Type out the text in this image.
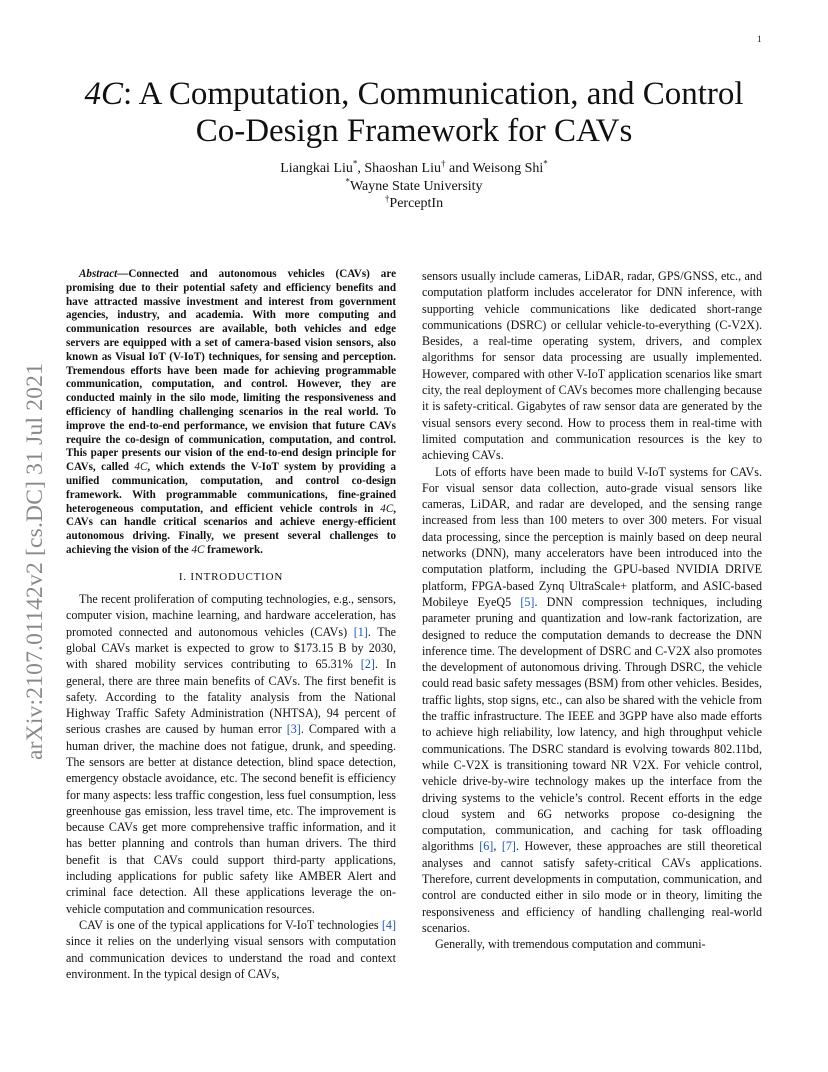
1
arXiv:2107.01142v2 [cs.DC] 31 Jul 2021
4C: A Computation, Communication, and Control
Co-Design Framework for CAVs
Liangkai Liu*, Shaoshan Liu† and Weisong Shi*
*Wayne State University
†PerceptIn

Abstract—Connected and autonomous vehicles (CAVs) are promising due to their potential safety and efficiency benefits and have attracted massive investment and interest from government agencies, industry, and academia. With more computing and communication resources are available, both vehicles and edge servers are equipped with a set of camera-based vision sensors, also known as Visual IoT (V-IoT) techniques, for sensing and perception. Tremendous efforts have been made for achieving programmable communication, computation, and control. However, they are conducted mainly in the silo mode, limiting the responsiveness and efficiency of handling challenging scenarios in the real world. To improve the end-to-end performance, we envision that future CAVs require the co-design of communication, computation, and control. This paper presents our vision of the end-to-end design principle for CAVs, called 4C, which extends the V-IoT system by providing a unified communication, computation, and control co-design framework. With programmable communications, fine-grained heterogeneous computation, and efficient vehicle controls in 4C, CAVs can handle critical scenarios and achieve energy-efficient autonomous driving. Finally, we present several challenges to achieving the vision of the 4C framework.

I. INTRODUCTION

The recent proliferation of computing technologies, e.g., sensors, computer vision, machine learning, and hardware acceleration, has promoted connected and autonomous vehicles (CAVs) [1]. The global CAVs market is expected to grow to $173.15 B by 2030, with shared mobility services contributing to 65.31% [2]. In general, there are three main benefits of CAVs. The first benefit is safety. According to the fatality analysis from the National Highway Traffic Safety Administration (NHTSA), 94 percent of serious crashes are caused by human error [3]. Compared with a human driver, the machine does not fatigue, drunk, and speeding. The sensors are better at distance detection, blind space detection, emergency obstacle avoidance, etc. The second benefit is efficiency for many aspects: less traffic congestion, less fuel consumption, less greenhouse gas emission, less travel time, etc. The improvement is because CAVs get more comprehensive traffic information, and it has better planning and controls than human drivers. The third benefit is that CAVs could support third-party applications, including applications for public safety like AMBER Alert and criminal face detection. All these applications leverage the on-vehicle computation and communication resources.

CAV is one of the typical applications for V-IoT technologies [4] since it relies on the underlying visual sensors with computation and communication devices to understand the road and context environment. In the typical design of CAVs,

sensors usually include cameras, LiDAR, radar, GPS/GNSS, etc., and computation platform includes accelerator for DNN inference, with supporting vehicle communications like dedicated short-range communications (DSRC) or cellular vehicle-to-everything (C-V2X). Besides, a real-time operating system, drivers, and complex algorithms for sensor data processing are usually implemented. However, compared with other V-IoT application scenarios like smart city, the real deployment of CAVs becomes more challenging because it is safety-critical. Gigabytes of raw sensor data are generated by the visual sensors every second. How to process them in real-time with limited computation and communication resources is the key to achieving CAVs.

Lots of efforts have been made to build V-IoT systems for CAVs. For visual sensor data collection, auto-grade visual sensors like cameras, LiDAR, and radar are developed, and the sensing range increased from less than 100 meters to over 300 meters. For visual data processing, since the perception is mainly based on deep neural networks (DNN), many accelerators have been introduced into the computation platform, including the GPU-based NVIDIA DRIVE platform, FPGA-based Zynq UltraScale+ platform, and ASIC-based Mobileye EyeQ5 [5]. DNN compression techniques, including parameter pruning and quantization and low-rank factorization, are designed to reduce the computation demands to decrease the DNN inference time. The development of DSRC and C-V2X also promotes the development of autonomous driving. Through DSRC, the vehicle could read basic safety messages (BSM) from other vehicles. Besides, traffic lights, stop signs, etc., can also be shared with the vehicle from the traffic infrastructure. The IEEE and 3GPP have also made efforts to achieve high reliability, low latency, and high throughput vehicle communications. The DSRC standard is evolving towards 802.11bd, while C-V2X is transitioning toward NR V2X. For vehicle control, vehicle drive-by-wire technology makes up the interface from the driving systems to the vehicle’s control. Recent efforts in the edge cloud system and 6G networks propose co-designing the computation, communication, and caching for task offloading algorithms [6], [7]. However, these approaches are still theoretical analyses and cannot satisfy safety-critical CAVs applications. Therefore, current developments in computation, communication, and control are conducted either in silo mode or in theory, limiting the responsiveness and efficiency of handling challenging real-world scenarios.

Generally, with tremendous computation and communi-
